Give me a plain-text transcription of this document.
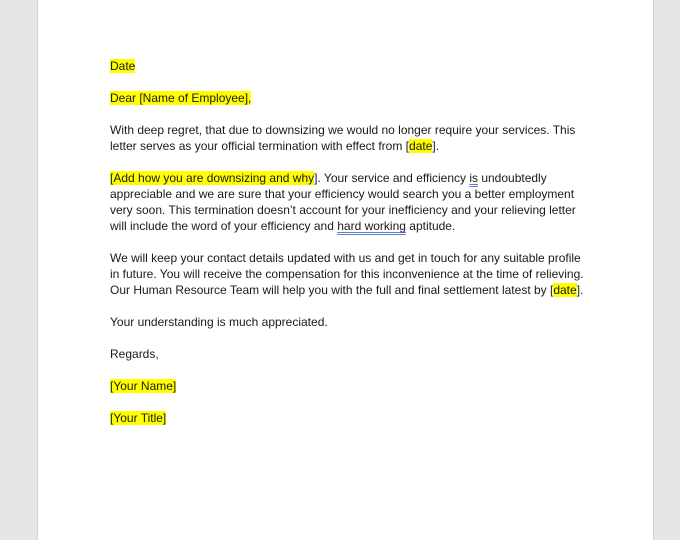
Date

Dear [Name of Employee],

With deep regret, that due to downsizing we would no longer require your services. This letter serves as your official termination with effect from [date].

[Add how you are downsizing and why]. Your service and efficiency is undoubtedly appreciable and we are sure that your efficiency would search you a better employment very soon. This termination doesn’t account for your inefficiency and your relieving letter will include the word of your efficiency and hard working aptitude.

We will keep your contact details updated with us and get in touch for any suitable profile in future. You will receive the compensation for this inconvenience at the time of relieving. Our Human Resource Team will help you with the full and final settlement latest by [date].

Your understanding is much appreciated.

Regards,

[Your Name]

[Your Title]
